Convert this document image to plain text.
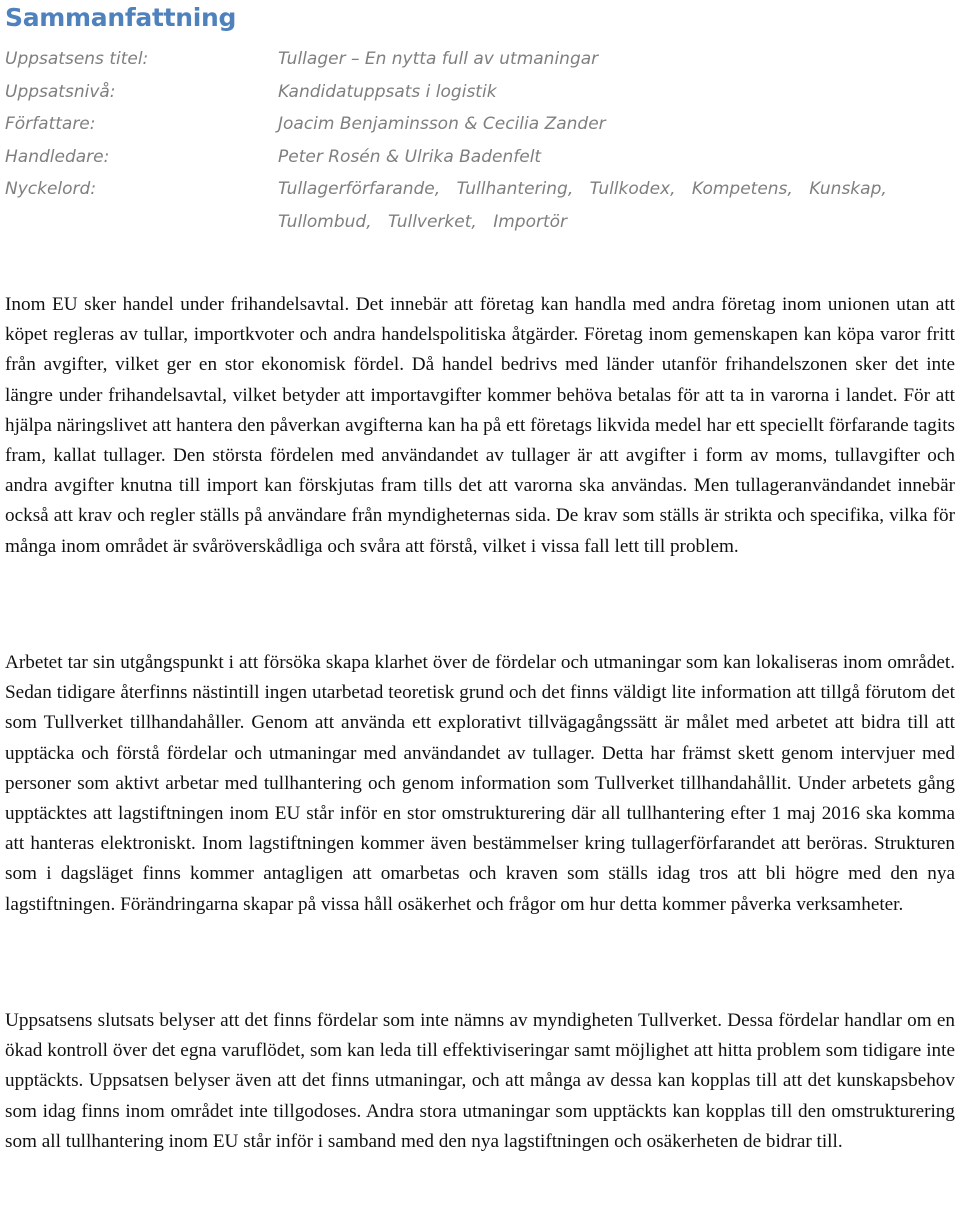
Sammanfattning
Uppsatsens titel:	Tullager – En nytta full av utmaningar
Uppsatsnivå:	Kandidatuppsats i logistik
Författare:	Joacim Benjaminsson & Cecilia Zander
Handledare:	Peter Rosén & Ulrika Badenfelt
Nyckelord:	Tullagerförfarande, Tullhantering, Tullkodex, Kompetens, Kunskap, Tullombud, Tullverket, Importör

Inom EU sker handel under frihandelsavtal. Det innebär att företag kan handla med andra företag inom unionen utan att köpet regleras av tullar, importkvoter och andra handelspolitiska åtgärder. Företag inom gemenskapen kan köpa varor fritt från avgifter, vilket ger en stor ekonomisk fördel. Då handel bedrivs med länder utanför frihandelszonen sker det inte längre under frihandelsavtal, vilket betyder att importavgifter kommer behöva betalas för att ta in varorna i landet. För att hjälpa näringslivet att hantera den påverkan avgifterna kan ha på ett företags likvida medel har ett speciellt förfarande tagits fram, kallat tullager. Den största fördelen med användandet av tullager är att avgifter i form av moms, tullavgifter och andra avgifter knutna till import kan förskjutas fram tills det att varorna ska användas. Men tullageranvändandet innebär också att krav och regler ställs på användare från myndigheternas sida. De krav som ställs är strikta och specifika, vilka för många inom området är svåröverskådliga och svåra att förstå, vilket i vissa fall lett till problem.

Arbetet tar sin utgångspunkt i att försöka skapa klarhet över de fördelar och utmaningar som kan lokaliseras inom området. Sedan tidigare återfinns nästintill ingen utarbetad teoretisk grund och det finns väldigt lite information att tillgå förutom det som Tullverket tillhandahåller. Genom att använda ett explorativt tillvägagångssätt är målet med arbetet att bidra till att upptäcka och förstå fördelar och utmaningar med användandet av tullager. Detta har främst skett genom intervjuer med personer som aktivt arbetar med tullhantering och genom information som Tullverket tillhandahållit. Under arbetets gång upptäcktes att lagstiftningen inom EU står inför en stor omstrukturering där all tullhantering efter 1 maj 2016 ska komma att hanteras elektroniskt. Inom lagstiftningen kommer även bestämmelser kring tullagerförfarandet att beröras. Strukturen som i dagsläget finns kommer antagligen att omarbetas och kraven som ställs idag tros att bli högre med den nya lagstiftningen. Förändringarna skapar på vissa håll osäkerhet och frågor om hur detta kommer påverka verksamheter.

Uppsatsens slutsats belyser att det finns fördelar som inte nämns av myndigheten Tullverket. Dessa fördelar handlar om en ökad kontroll över det egna varuflödet, som kan leda till effektiviseringar samt möjlighet att hitta problem som tidigare inte upptäckts. Uppsatsen belyser även att det finns utmaningar, och att många av dessa kan kopplas till att det kunskapsbehov som idag finns inom området inte tillgodoses. Andra stora utmaningar som upptäckts kan kopplas till den omstrukturering som all tullhantering inom EU står inför i samband med den nya lagstiftningen och osäkerheten de bidrar till.
